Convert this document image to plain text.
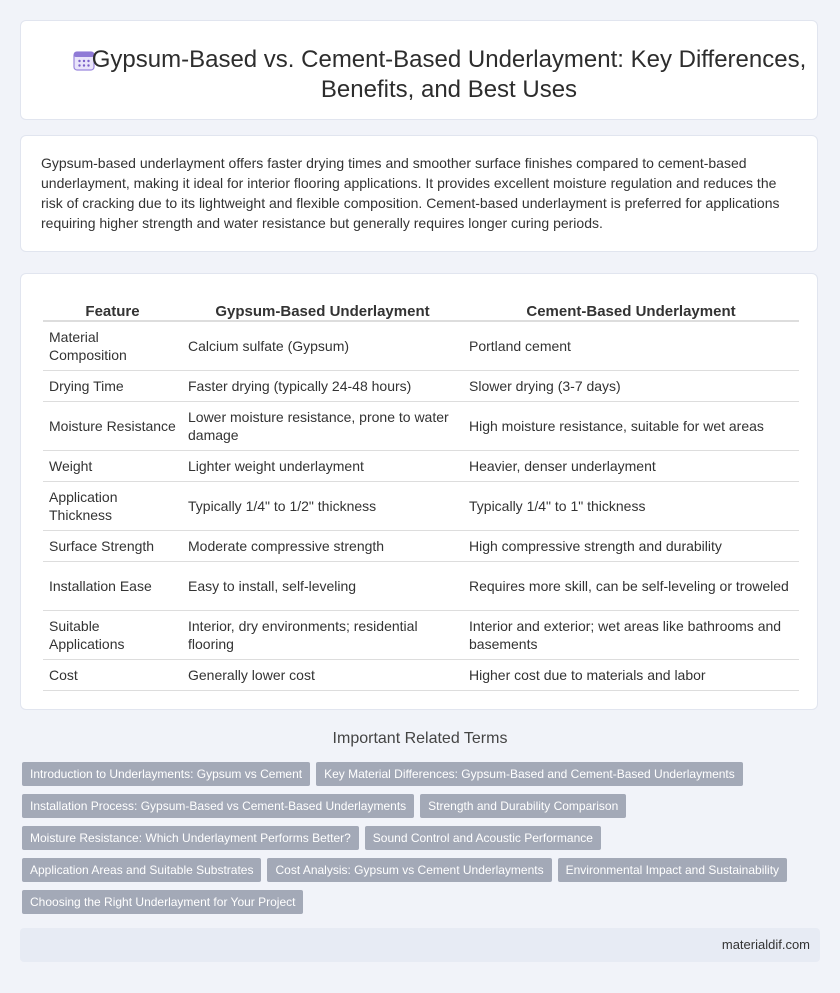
Gypsum-Based vs. Cement-Based Underlayment: Key Differences, Benefits, and Best Uses

Gypsum-based underlayment offers faster drying times and smoother surface finishes compared to cement-based underlayment, making it ideal for interior flooring applications. It provides excellent moisture regulation and reduces the risk of cracking due to its lightweight and flexible composition. Cement-based underlayment is preferred for applications requiring higher strength and water resistance but generally requires longer curing periods.

Feature	Gypsum-Based Underlayment	Cement-Based Underlayment
Material Composition	Calcium sulfate (Gypsum)	Portland cement
Drying Time	Faster drying (typically 24-48 hours)	Slower drying (3-7 days)
Moisture Resistance	Lower moisture resistance, prone to water damage	High moisture resistance, suitable for wet areas
Weight	Lighter weight underlayment	Heavier, denser underlayment
Application Thickness	Typically 1/4" to 1/2" thickness	Typically 1/4" to 1" thickness
Surface Strength	Moderate compressive strength	High compressive strength and durability
Installation Ease	Easy to install, self-leveling	Requires more skill, can be self-leveling or troweled
Suitable Applications	Interior, dry environments; residential flooring	Interior and exterior; wet areas like bathrooms and basements
Cost	Generally lower cost	Higher cost due to materials and labor
Important Related Terms
Introduction to Underlayments: Gypsum vs Cement Key Material Differences: Gypsum-Based and Cement-Based Underlayments
Installation Process: Gypsum-Based vs Cement-Based Underlayments Strength and Durability Comparison
Moisture Resistance: Which Underlayment Performs Better? Sound Control and Acoustic Performance
Application Areas and Suitable Substrates Cost Analysis: Gypsum vs Cement Underlayments Environmental Impact and Sustainability
Choosing the Right Underlayment for Your Project
materialdif.com
